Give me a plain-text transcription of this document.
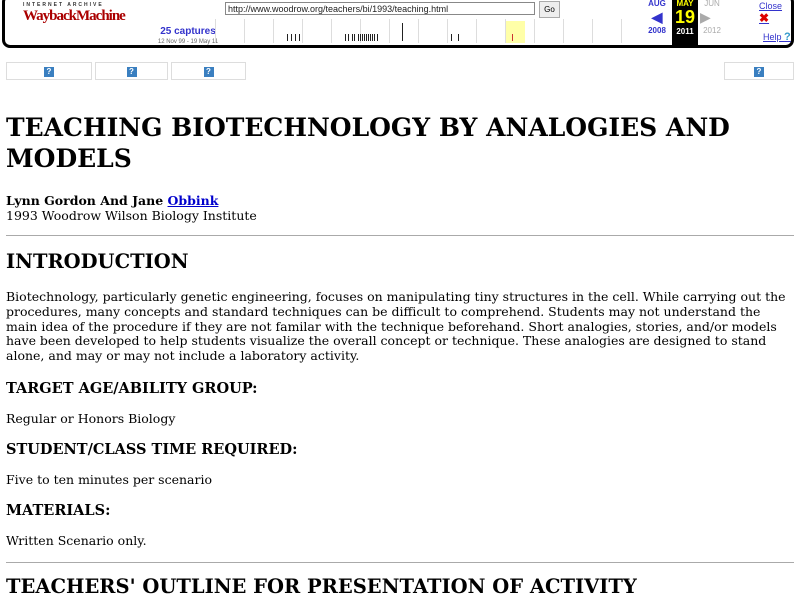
INTERNET ARCHIVE
WaybackMachine
25 captures
12 Nov 99 - 19 May 11
http://www.woodrow.org/teachers/bi/1993/teaching.html	Go
AUG
◀
2008
MAY
19
2011
JUN
▶
2012
Close ✖
Help ?
?	?	?	?
TEACHING BIOTECHNOLOGY BY ANALOGIES AND MODELS
Lynn Gordon And Jane Obbink
1993 Woodrow Wilson Biology Institute
INTRODUCTION

Biotechnology, particularly genetic engineering, focuses on manipulating tiny structures in the cell. While carrying out the procedures, many concepts and standard techniques can be difficult to comprehend. Students may not understand the main idea of the procedure if they are not familar with the technique beforehand. Short analogies, stories, and/or models have been developed to help students visualize the overall concept or technique. These analogies are designed to stand alone, and may or may not include a laboratory activity.

TARGET AGE/ABILITY GROUP:

Regular or Honors Biology

STUDENT/CLASS TIME REQUIRED:

Five to ten minutes per scenario

MATERIALS:

Written Scenario only.

TEACHERS' OUTLINE FOR PRESENTATION OF ACTIVITY
